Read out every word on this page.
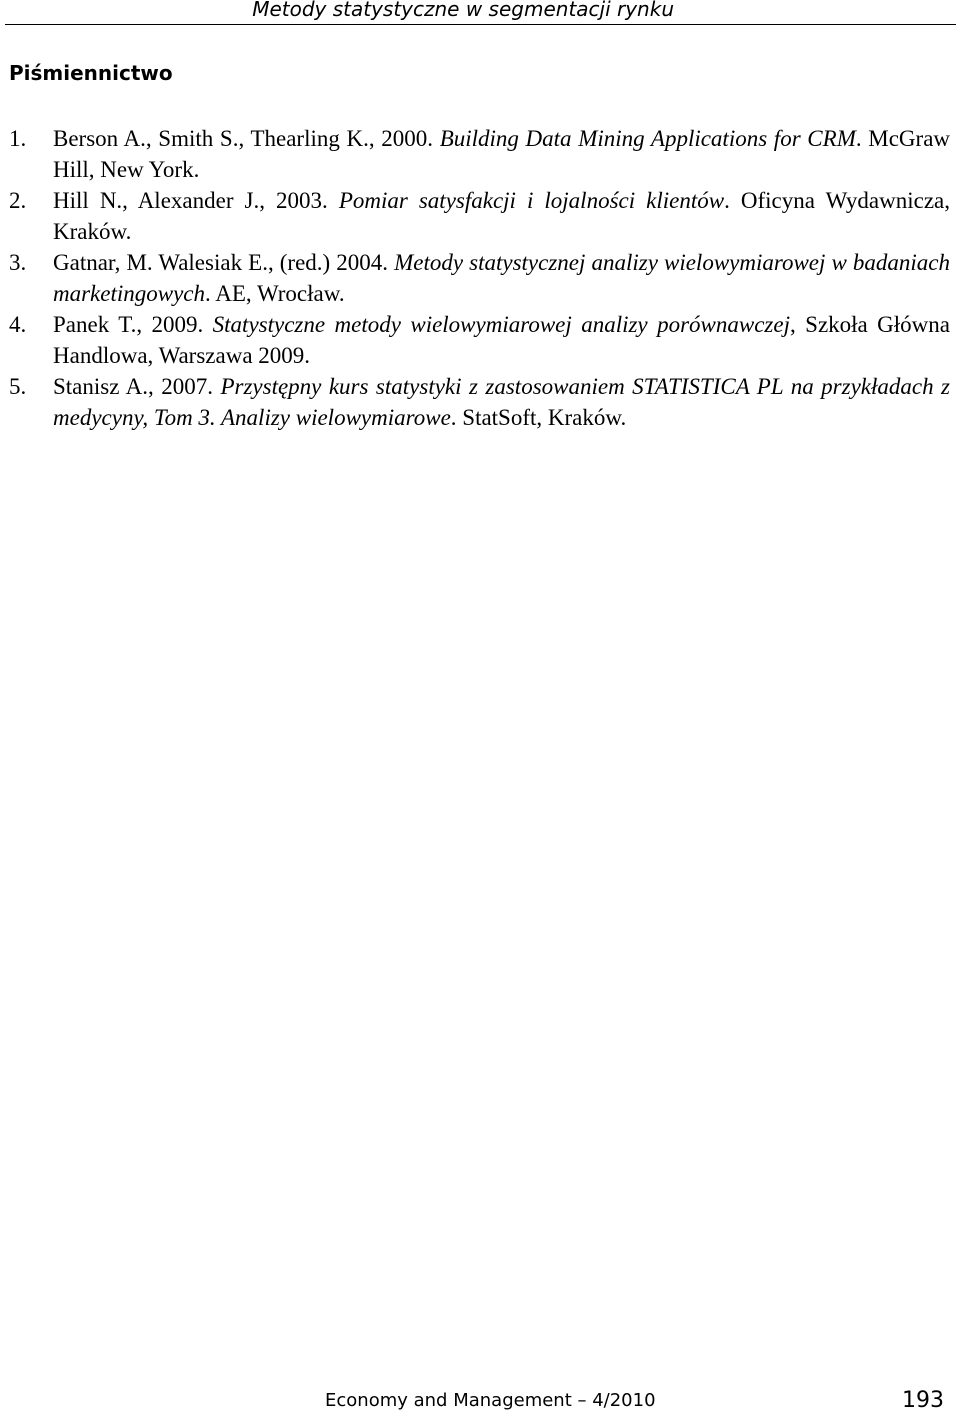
Metody statystyczne w segmentacji rynku
Piśmiennictwo
1. Berson A., Smith S., Thearling K., 2000. Building Data Mining Applications for CRM. McGraw Hill, New York.
2. Hill N., Alexander J., 2003. Pomiar satysfakcji i lojalności klientów. Oficyna Wydawnicza, Kraków.
3. Gatnar, M. Walesiak E., (red.) 2004. Metody statystycznej analizy wielowymiarowej w badaniach marketingowych. AE, Wrocław.
4. Panek T., 2009. Statystyczne metody wielowymiarowej analizy porównawczej, Szkoła Główna Handlowa, Warszawa 2009.
5. Stanisz A., 2007. Przystępny kurs statystyki z zastosowaniem STATISTICA PL na przykładach z medycyny, Tom 3. Analizy wielowymiarowe. StatSoft, Kraków.
Economy and Management – 4/2010	193
